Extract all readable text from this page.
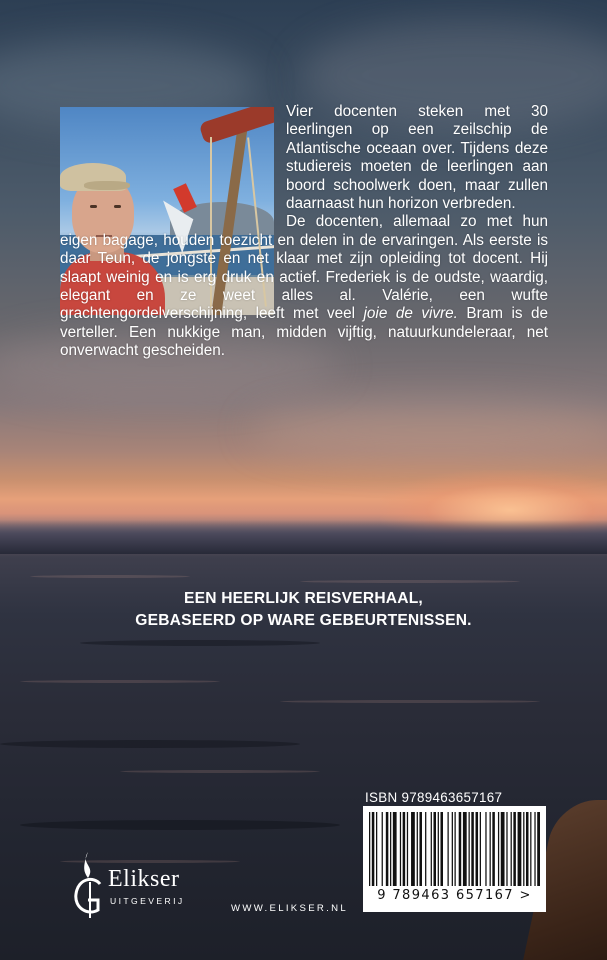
Vier docenten steken met 30 leerlingen op een zeilschip de Atlantische oceaan over. Tijdens deze studiereis moeten de leerlingen aan boord schoolwerk doen, maar zullen daarnaast hun horizon verbreden.

De docenten, allemaal zo met hun eigen bagage, houden toezicht en delen in de ervaringen. Als eerste is daar Teun, de jongste en net klaar met zijn opleiding tot docent. Hij slaapt weinig en is erg druk en actief. Frederiek is de oudste, waardig, elegant en ze weet alles al. Valérie, een wufte grachtengordelverschijning, leeft met veel joie de vivre. Bram is de verteller. Een nukkige man, midden vijftig, natuurkundeleraar, net onverwacht gescheiden.

EEN HEERLIJK REISVERHAAL,
GEBASEERD OP WARE GEBEURTENISSEN.
ISBN 9789463657167
9 789463 657167 >
Elikser
UITGEVERIJ
WWW.ELIKSER.NL
